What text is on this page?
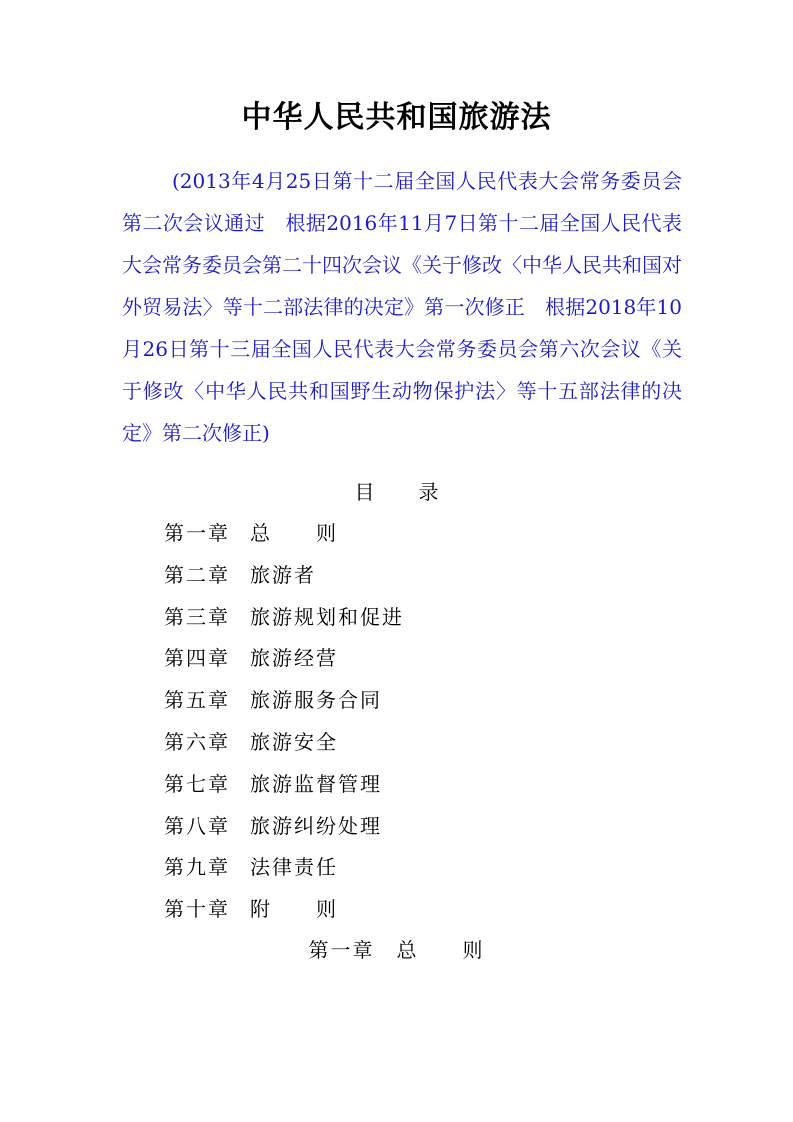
中华人民共和国旅游法
(2013年4月25日第十二届全国人民代表大会常务委员会第二次会议通过　根据2016年11月7日第十二届全国人民代表大会常务委员会第二十四次会议《关于修改〈中华人民共和国对外贸易法〉等十二部法律的决定》第一次修正　根据2018年10月26日第十三届全国人民代表大会常务委员会第六次会议《关于修改〈中华人民共和国野生动物保护法〉等十五部法律的决定》第二次修正)
目录
第一章 总　　则
第二章 旅游者
第三章 旅游规划和促进
第四章 旅游经营
第五章 旅游服务合同
第六章 旅游安全
第七章 旅游监督管理
第八章 旅游纠纷处理
第九章 法律责任
第十章 附　　则
第一章　总　　则
